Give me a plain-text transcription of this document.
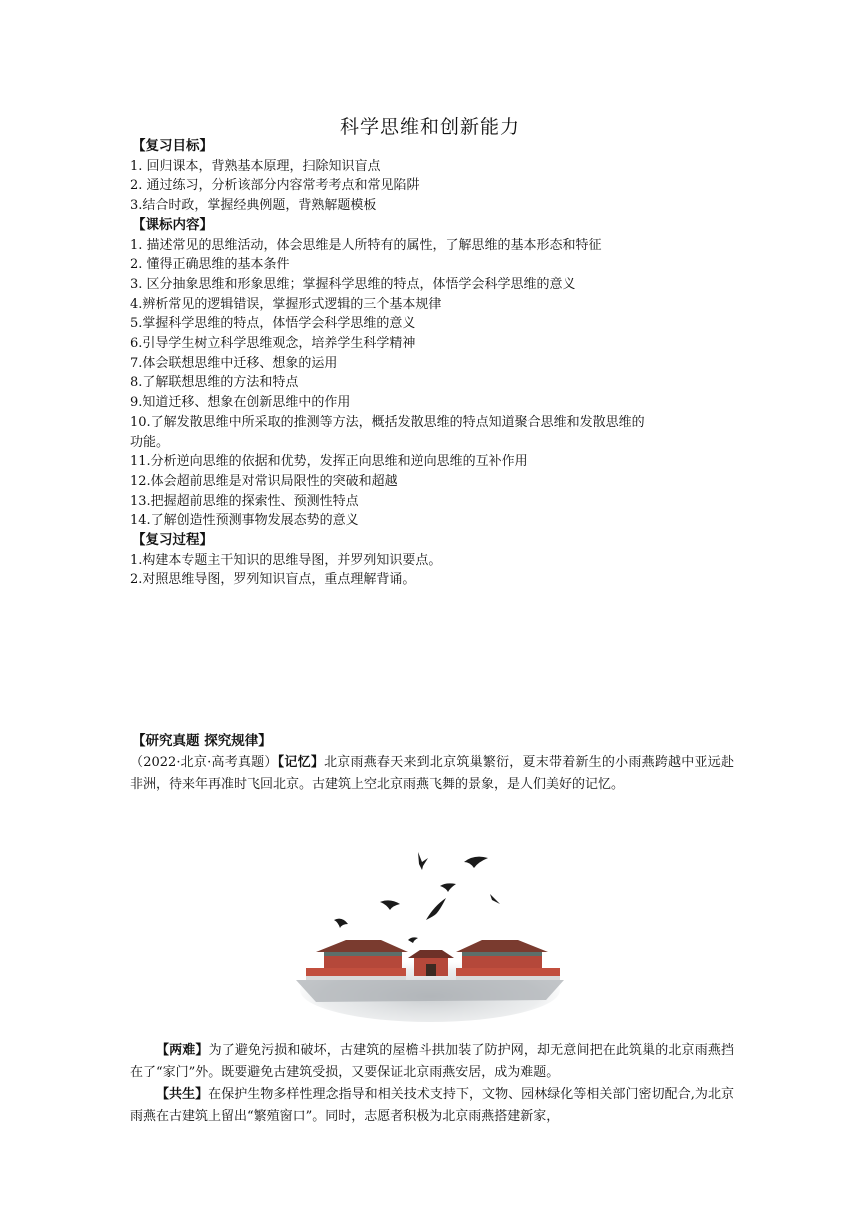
科学思维和创新能力
【复习目标】
1. 回归课本，背熟基本原理，扫除知识盲点
2. 通过练习，分析该部分内容常考考点和常见陷阱
3.结合时政，掌握经典例题，背熟解题模板
【课标内容】
1. 描述常见的思维活动，体会思维是人所特有的属性，了解思维的基本形态和特征
2. 懂得正确思维的基本条件
3. 区分抽象思维和形象思维；掌握科学思维的特点，体悟学会科学思维的意义
4.辨析常见的逻辑错误，掌握形式逻辑的三个基本规律
5.掌握科学思维的特点，体悟学会科学思维的意义
6.引导学生树立科学思维观念，培养学生科学精神
7.体会联想思维中迁移、想象的运用
8.了解联想思维的方法和特点
9.知道迁移、想象在创新思维中的作用
10.了解发散思维中所采取的推测等方法，概括发散思维的特点知道聚合思维和发散思维的
功能。
11.分析逆向思维的依据和优势，发挥正向思维和逆向思维的互补作用
12.体会超前思维是对常识局限性的突破和超越
13.把握超前思维的探索性、预测性特点
14.了解创造性预测事物发展态势的意义
【复习过程】
1.构建本专题主干知识的思维导图，并罗列知识要点。
2.对照思维导图，罗列知识盲点，重点理解背诵。
【研究真题 探究规律】
（2022·北京·高考真题）【记忆】北京雨燕春天来到北京筑巢繁衍，夏末带着新生的小雨燕跨越中亚远赴非洲，待来年再准时飞回北京。古建筑上空北京雨燕飞舞的景象，是人们美好的记忆。
【两难】为了避免污损和破坏，古建筑的屋檐斗拱加装了防护网，却无意间把在此筑巢的北京雨燕挡在了“家门”外。既要避免古建筑受损，又要保证北京雨燕安居，成为难题。
【共生】在保护生物多样性理念指导和相关技术支持下，文物、园林绿化等相关部门密切配合,为北京雨燕在古建筑上留出“繁殖窗口”。同时，志愿者积极为北京雨燕搭建新家，
